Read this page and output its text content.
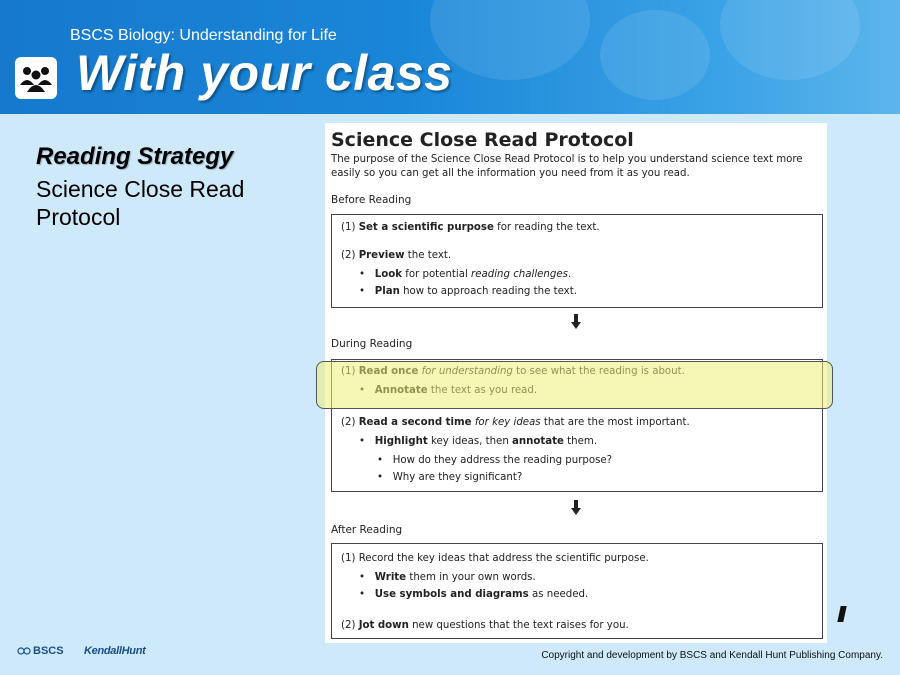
BSCS Biology: Understanding for Life
With your class
Reading Strategy
Science Close Read Protocol
Science Close Read Protocol
The purpose of the Science Close Read Protocol is to help you understand science text more easily so you can get all the information you need from it as you read.
Before Reading
(1) Set a scientific purpose for reading the text.
(2) Preview the text.
•   Look for potential reading challenges.
•   Plan how to approach reading the text.
During Reading
(2) Read a second time for key ideas that are the most important.
•   Highlight key ideas, then annotate them.
•   How do they address the reading purpose?
•   Why are they significant?
After Reading
(1) Record the key ideas that address the scientific purpose.
•   Write them in your own words.
•   Use symbols and diagrams as needed.
(2) Jot down new questions that the text raises for you.
BSCS KendallHunt	Copyright and development by BSCS and Kendall Hunt Publishing Company.
